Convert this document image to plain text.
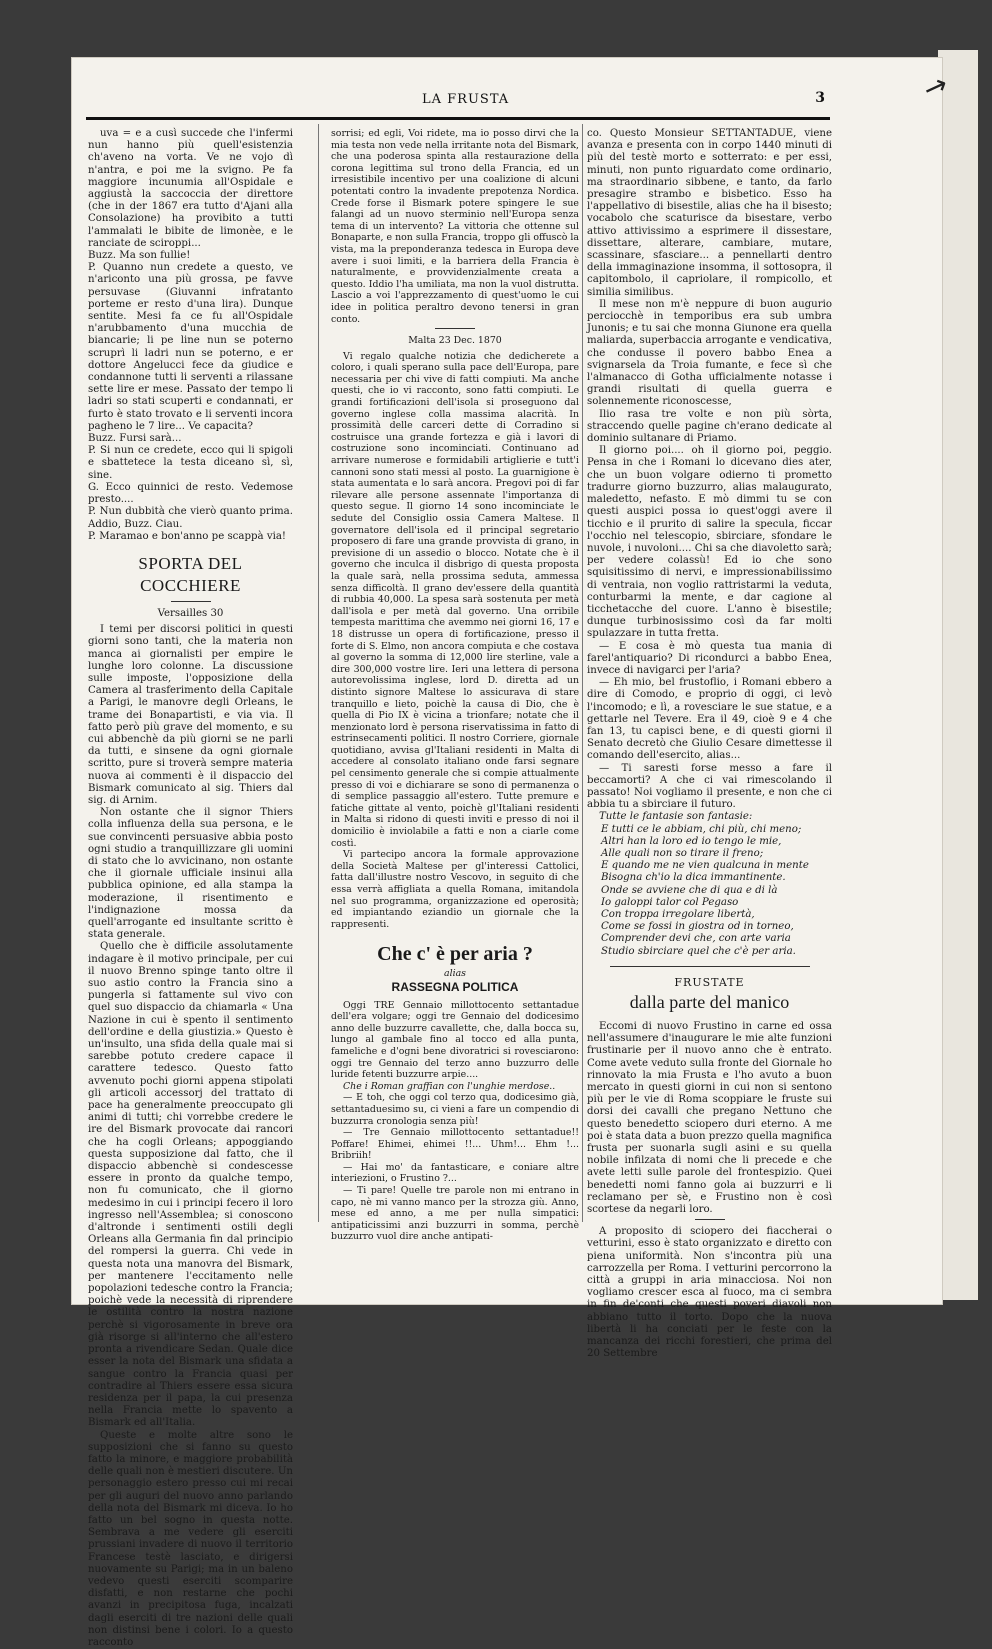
↗
LA FRUSTA	3

uva = e a cusì succede che l'infermi nun hanno più quell'esistenzia ch'aveno na vorta. Ve ne vojo dì n'antra, e poi me la svigno. Pe fa maggiore incunumia all'Ospidale e aggiustà la saccoccia der direttore (che in der 1867 era tutto d'Ajani alla Consolazione) ha provibito a tutti l'ammalati le bibite de limonèe, e le ranciate de sciroppi...

Buzz. Ma son fullie!

P. Quanno nun credete a questo, ve n'ariconto una più grossa, pe favve persuvase (Giuvanni infratanto porteme er resto d'una lira). Dunque sentite. Mesi fa ce fu all'Ospidale n'arubbamento d'una mucchia de biancarie; li pe line nun se poterno scruprì li ladri nun se poterno, e er dottore Angelucci fece da giudice e condannone tutti li serventi a rilassane sette lire er mese. Passato der tempo li ladri so stati scuperti e condannati, er furto è stato trovato e li serventi incora pagheno le 7 lire... Ve capacita?

Buzz. Fursi sarà...

P. Si nun ce credete, ecco qui li spigoli e sbattetece la testa diceano sì, sì, sine.

G. Ecco quinnici de resto. Vedemose presto....

P. Nun dubbità che vierò quanto prima. Addio, Buzz. Ciau.

P. Maramao e bon'anno pe scappà via!

SPORTA DEL COCCHIERE
Versailles 30

I temi per discorsi politici in questi giorni sono tanti, che la materia non manca ai giornalisti per empire le lunghe loro colonne. La discussione sulle imposte, l'opposizione della Camera al trasferimento della Capitale a Parigi, le manovre degli Orleans, le trame dei Bonapartisti, e via via. Il fatto però più grave del momento, e su cui abbenchè da più giorni se ne parli da tutti, e sinsene da ogni giornale scritto, pure si troverà sempre materia nuova ai commenti è il dispaccio del Bismark comunicato al sig. Thiers dal sig. di Arnim.

Non ostante che il signor Thiers colla influenza della sua persona, e le sue convincenti persuasive abbia posto ogni studio a tranquillizzare gli uomini di stato che lo avvicinano, non ostante che il giornale ufficiale insinui alla pubblica opinione, ed alla stampa la moderazione, il risentimento e l'indignazione mossa da quell'arrogante ed insultante scritto è stata generale.

Quello che è difficile assolutamente indagare è il motivo principale, per cui il nuovo Brenno spinge tanto oltre il suo astio contro la Francia sino a pungerla si fattamente sul vivo con quel suo dispaccio da chiamarla « Una Nazione in cui è spento il sentimento dell'ordine e della giustizia.» Questo è un'insulto, una sfida della quale mai si sarebbe potuto credere capace il carattere tedesco. Questo fatto avvenuto pochi giorni appena stipolati gli articoli accessorj del trattato di pace ha generalmente preoccupato gli animi di tutti; chi vorrebbe credere le ire del Bismark provocate dai rancori che ha cogli Orleans; appoggiando questa supposizione dal fatto, che il dispaccio abbenchè si condescesse essere in pronto da qualche tempo, non fu comunicato, che il giorno medesimo in cui i principi fecero il loro ingresso nell'Assemblea; si conoscono d'altronde i sentimenti ostili degli Orleans alla Germania fin dal principio del rompersi la guerra. Chi vede in questa nota una manovra del Bismark, per mantenere l'eccitamento nelle popolazioni tedesche contro la Francia; poichè vede la necessità di riprendere le ostilità contro la nostra nazione perchè si vigorosamente in breve ora già risorge si all'interno che all'estero pronta a rivendicare Sedan. Quale dice esser la nota del Bismark una sfidata a sangue contro la Francia quasi per contradire al Thiers essere essa sicura residenza per il papa, la cui presenza nella Francia mette lo spavento a Bismark ed all'Italia.

Queste e molte altre sono le supposizioni che si fanno su questo fatto la minore, e maggiore probabilità delle quali non è mestieri discutere. Un personaggio estero presso cui mi recai per gli auguri del nuovo anno parlando della nota del Bismark mi diceva. Io ho fatto un bel sogno in questa notte. Sembrava a me vedere gli eserciti prussiani invadere di nuovo il territorio Francese testè lasciato, e dirigersi nuovamente su Parigi; ma in un baleno vedevo questi eserciti scomparire disfatti, e non restarne che pochi avanzi in precipitosa fuga, incalzati dagli eserciti di tre nazioni delle quali non distinsi bene i colori. Io a questo racconto

sorrisi; ed egli, Voi ridete, ma io posso dirvi che la mia testa non vede nella irritante nota del Bismark, che una poderosa spinta alla restaurazione della corona legittima sul trono della Francia, ed un irresistibile incentivo per una coalizione di alcuni potentati contro la invadente prepotenza Nordica. Crede forse il Bismark potere spingere le sue falangi ad un nuovo sterminio nell'Europa senza tema di un intervento? La vittoria che ottenne sul Bonaparte, e non sulla Francia, troppo gli offuscò la vista, ma la preponderanza tedesca in Europa deve avere i suoi limiti, e la barriera della Francia è naturalmente, e provvidenzialmente creata a questo. Iddio l'ha umiliata, ma non la vuol distrutta. Lascio a voi l'apprezzamento di quest'uomo le cui idee in politica peraltro devono tenersi in gran conto.

Malta 23 Dec. 1870

Vi regalo qualche notizia che dedicherete a coloro, i quali sperano sulla pace dell'Europa, pare necessaria per chi vive di fatti compiuti. Ma anche questi, che io vi racconto, sono fatti compiuti. Le grandi fortificazioni dell'isola si proseguono dal governo inglese colla massima alacrità. In prossimità delle carceri dette di Corradino si costruisce una grande fortezza e già i lavori di costruzione sono incominciati. Continuano ad arrivare numerose e formidabili artiglierie e tutt'i cannoni sono stati messi al posto. La guarnigione è stata aumentata e lo sarà ancora. Pregovi poi di far rilevare alle persone assennate l'importanza di questo segue. Il giorno 14 sono incominciate le sedute del Consiglio ossia Camera Maltese. Il governatore dell'isola ed il principal segretario proposero di fare una grande provvista di grano, in previsione di un assedio o blocco. Notate che è il governo che inculca il disbrigo di questa proposta la quale sarà, nella prossima seduta, ammessa senza difficoltà. Il grano dev'essere della quantità di rubbia 40,000. La spesa sarà sostenuta per metà dall'isola e per metà dal governo. Una orribile tempesta marittima che avemmo nei giorni 16, 17 e 18 distrusse un opera di fortificazione, presso il forte di S. Elmo, non ancora compiuta e che costava al governo la somma di 12,000 lire sterline, vale a dire 300,000 vostre lire. Ieri una lettera di persona autorevolissima inglese, lord D. diretta ad un distinto signore Maltese lo assicurava di stare tranquillo e lieto, poichè la causa di Dio, che è quella di Pio IX è vicina a trionfare; notate che il menzionato lord è persona riservatissima in fatto di estrinsecamenti politici. Il nostro Corriere, giornale quotidiano, avvisa gl'Italiani residenti in Malta di accedere al consolato italiano onde farsi segnare pel censimento generale che si compie attualmente presso di voi e dichiarare se sono di permanenza o di semplice passaggio all'estero. Tutte premure e fatiche gittate al vento, poichè gl'Italiani residenti in Malta si ridono di questi inviti e presso di noi il domicilio è inviolabile a fatti e non a ciarle come costì.

Vi partecipo ancora la formale approvazione della Società Maltese per gl'interessi Cattolici, fatta dall'illustre nostro Vescovo, in seguito di che essa verrà affigliata a quella Romana, imitandola nel suo programma, organizzazione ed operosità; ed impiantando eziandio un giornale che la rappresenti.

Che c' è per aria ?
alias
RASSEGNA POLITICA

Oggi TRE Gennaio millottocento settantadue dell'era volgare; oggi tre Gennaio del dodicesimo anno delle buzzurre cavallette, che, dalla bocca su, lungo al gambale fino al tocco ed alla punta, fameliche e d'ogni bene divoratrici si rovesciarono: oggi tre Gennaio del terzo anno buzzurro delle luride fetenti buzzurre arpie....

Che i Roman graffian con l'unghie merdose..

— E toh, che oggi col terzo qua, dodicesimo già, settantaduesimo su, ci vieni a fare un compendio di buzzurra cronologia senza più!

— Tre Gennaio millottocento settantadue!! Poffare! Ehimei, ehimei !!... Uhm!... Ehm !... Bribriih!

— Hai mo' da fantasticare, e coniare altre interiezioni, o Frustino ?...

— Ti pare! Quelle tre parole non mi entrano in capo, nè mi vanno manco per la strozza giù. Anno, mese ed anno, a me per nulla simpatici: antipaticissimi anzi buzzurri in somma, perchè buzzurro vuol dire anche antipati-

co. Questo Monsieur SETTANTADUE, viene avanza e presenta con in corpo 1440 minuti di più del testè morto e sotterrato: e per essi, minuti, non punto riguardato come ordinario, ma straordinario sibbene, e tanto, da farlo presagire strambo e bisbetico. Esso ha l'appellativo di bisestile, alias che ha il bisesto; vocabolo che scaturisce da bisestare, verbo attivo attivissimo a esprimere il dissestare, dissettare, alterare, cambiare, mutare, scassinare, sfasciare... a pennellarti dentro della immaginazione insomma, il sottosopra, il capitombolo, il capriolare, il rompicollo, et similia similibus.

Il mese non m'è neppure di buon augurio perciocchè in temporibus era sub umbra Junonis; e tu sai che monna Giunone era quella maliarda, superbaccia arrogante e vendicativa, che condusse il povero babbo Enea a svignarsela da Troia fumante, e fece sì che l'almanacco di Gotha ufficialmente notasse i grandi risultati di quella guerra e solennemente riconoscesse,

Ilio rasa tre volte e non più sòrta, straccendo quelle pagine ch'erano dedicate al dominio sultanare di Priamo.

Il giorno poi.... oh il giorno poi, peggio. Pensa in che i Romani lo dicevano dies ater, che un buon volgare odierno ti prometto tradurre giorno buzzurro, alias malaugurato, maledetto, nefasto. E mò dimmi tu se con questi auspici possa io quest'oggi avere il ticchio e il prurito di salire la specula, ficcar l'occhio nel telescopio, sbirciare, sfondare le nuvole, i nuvoloni.... Chi sa che diavoletto sarà; per vedere colassù! Ed io che sono squisitissimo di nervi, e impressionabilissimo di ventraia, non voglio rattristarmi la veduta, conturbarmi la mente, e dar cagione al ticchetacche del cuore. L'anno è bisestile; dunque turbinosissimo così da far molti spulazzare in tutta fretta.

— E cosa è mò questa tua mania di farel'antiquario? Di ricondurci a babbo Enea, invece di navigarci per l'aria?

— Eh mio, bel frustoflio, i Romani ebbero a dire di Comodo, e proprio di oggi, ci levò l'incomodo; e lì, a rovesciare le sue statue, e a gettarle nel Tevere. Era il 49, cioè 9 e 4 che fan 13, tu capisci bene, e di questi giorni il Senato decretò che Giulio Cesare dimettesse il comando dell'esercito, alias...

— Ti saresti forse messo a fare il beccamorti? A che ci vai rimescolando il passato! Noi vogliamo il presente, e non che ci abbia tu a sbirciare il futuro.

Tutte le fantasie son fantasie:

E tutti ce le abbiam, chi più, chi meno;
Altri han la loro ed io tengo le mie,
Alle quali non so tirare il freno;
E quando me ne vien qualcuna in mente
Bisogna ch'io la dica immantinente.
Onde se avviene che di qua e di là
Io galoppi talor col Pegaso
Con troppa irregolare libertà,
Come se fossi in giostra od in torneo,
Comprender devi che, con arte varia
Studio sbirciare quel che c'è per aria.
FRUSTATE
dalla parte del manico

Eccomi di nuovo Frustino in carne ed ossa nell'assumere d'inaugurare le mie alte funzioni frustinarie per il nuovo anno che è entrato. Come avete veduto sulla fronte del Giornale ho rinnovato la mia Frusta e l'ho avuto a buon mercato in questi giorni in cui non si sentono più per le vie di Roma scoppiare le fruste sui dorsi dei cavalli che pregano Nettuno che questo benedetto sciopero duri eterno. A me poi è stata data a buon prezzo quella magnifica frusta per suonarla sugli asini e su quella nobile infilzata di nomi che li precede e che avete letti sulle parole del frontespizio. Quei benedetti nomi fanno gola ai buzzurri e li reclamano per sè, e Frustino non è così scortese da negarli loro.

A proposito di sciopero dei fiaccherai o vetturini, esso è stato organizzato e diretto con piena uniformità. Non s'incontra più una carrozzella per Roma. I vetturini percorrono la città a gruppi in aria minacciosa. Noi non vogliamo crescer esca al fuoco, ma ci sembra in fin de'conti che questi poveri diavoli non abbiano tutto il torto. Dopo che la nuova libertà li ha conciati per le feste con la mancanza dei ricchi forestieri, che prima del 20 Settembre
